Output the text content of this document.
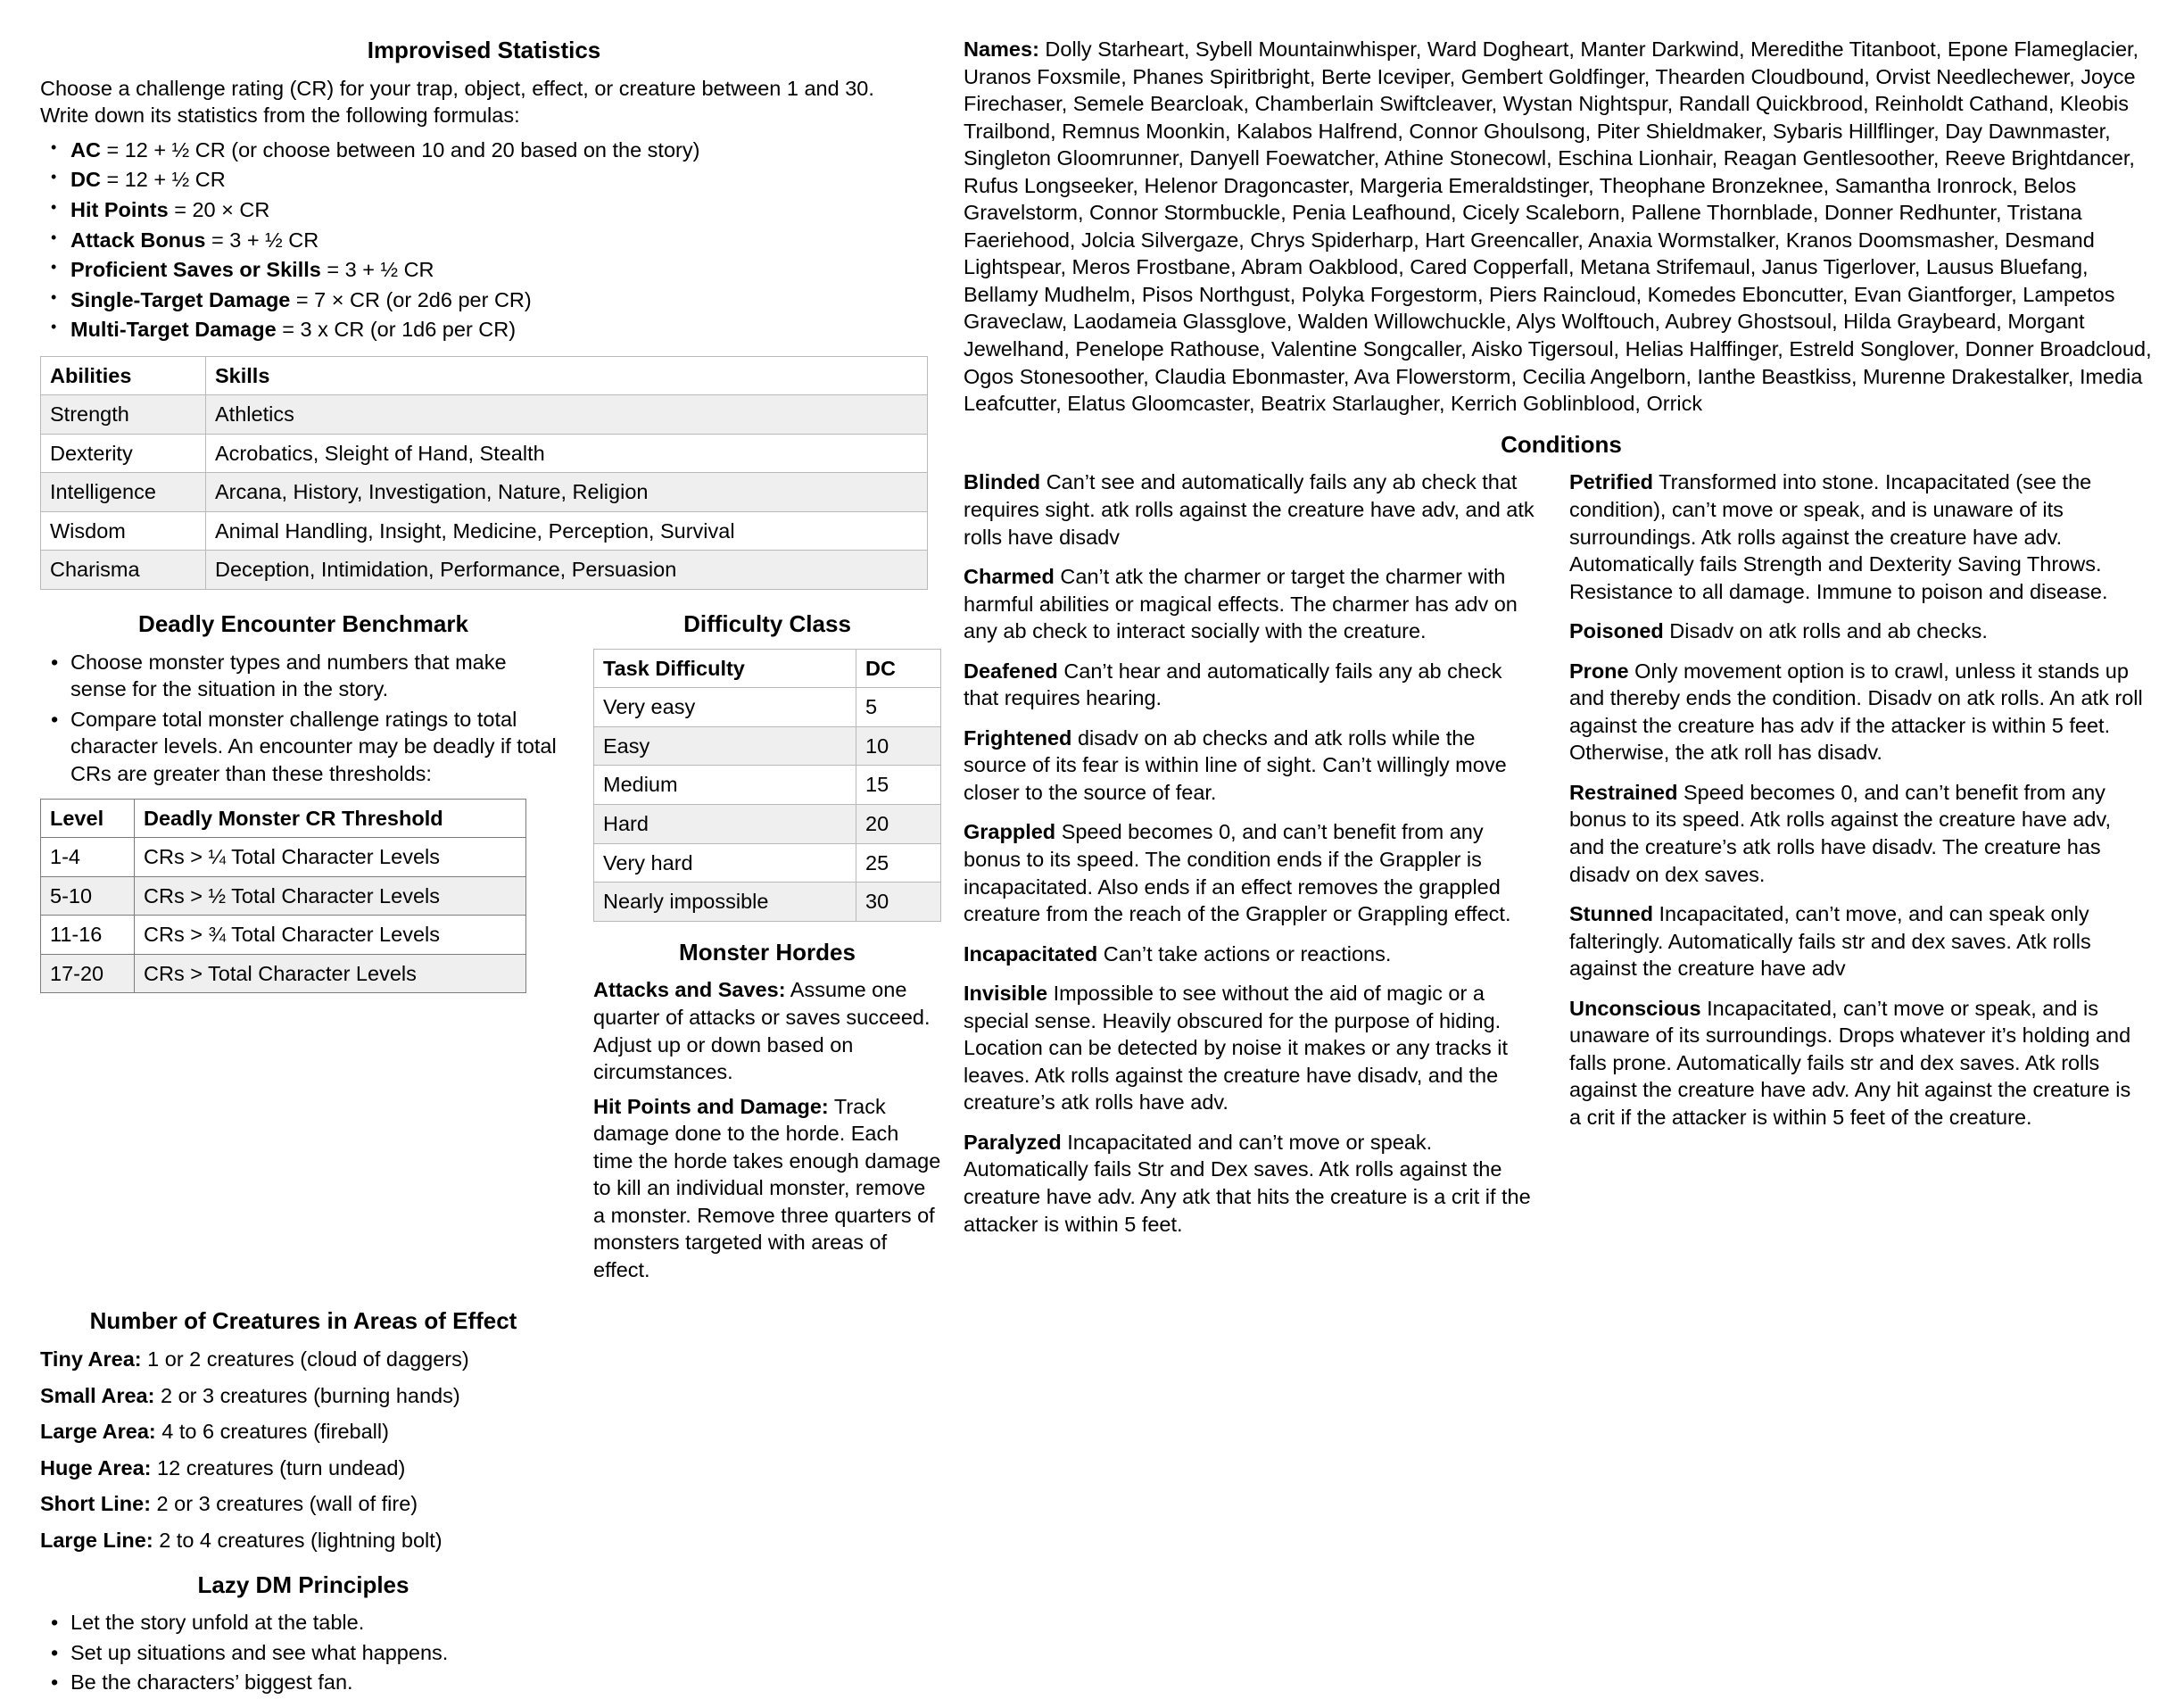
Improvised Statistics

Choose a challenge rating (CR) for your trap, object, effect, or creature between 1 and 30. Write down its statistics from the following formulas:

• AC = 12 + ½ CR (or choose between 10 and 20 based on the story)
• DC = 12 + ½ CR
• Hit Points = 20 × CR
• Attack Bonus = 3 + ½ CR
• Proficient Saves or Skills = 3 + ½ CR
• Single-Target Damage = 7 × CR (or 2d6 per CR)
• Multi-Target Damage = 3 x CR (or 1d6 per CR)
Abilities	Skills
Strength	Athletics
Dexterity	Acrobatics, Sleight of Hand, Stealth
Intelligence	Arcana, History, Investigation, Nature, Religion
Wisdom	Animal Handling, Insight, Medicine, Perception, Survival
Charisma	Deception, Intimidation, Performance, Persuasion
Deadly Encounter Benchmark
• Choose monster types and numbers that make sense for the situation in the story.
• Compare total monster challenge ratings to total character levels. An encounter may be deadly if total CRs are greater than these thresholds:
Level	Deadly Monster CR Threshold
1-4	CRs > ¼ Total Character Levels
5-10	CRs > ½ Total Character Levels
11-16	CRs > ¾ Total Character Levels
17-20	CRs > Total Character Levels
Difficulty Class
Task Difficulty	DC
Very easy	5
Easy	10
Medium	15
Hard	20
Very hard	25
Nearly impossible	30
Monster Hordes

Attacks and Saves: Assume one quarter of attacks or saves succeed. Adjust up or down based on circumstances.

Hit Points and Damage: Track damage done to the horde. Each time the horde takes enough damage to kill an individual monster, remove a monster. Remove three quarters of monsters targeted with areas of effect.

Number of Creatures in Areas of Effect

Tiny Area: 1 or 2 creatures (cloud of daggers)

Small Area: 2 or 3 creatures (burning hands)

Large Area: 4 to 6 creatures (fireball)

Huge Area: 12 creatures (turn undead)

Short Line: 2 or 3 creatures (wall of fire)

Large Line: 2 to 4 creatures (lightning bolt)

Lazy DM Principles
• Let the story unfold at the table.
• Set up situations and see what happens.
• Be the characters’ biggest fan.

Names: Dolly Starheart, Sybell Mountainwhisper, Ward Dogheart, Manter Darkwind, Meredithe Titanboot, Epone Flameglacier, Uranos Foxsmile, Phanes Spiritbright, Berte Iceviper, Gembert Goldfinger, Thearden Cloudbound, Orvist Needlechewer, Joyce Firechaser, Semele Bearcloak, Chamberlain Swiftcleaver, Wystan Nightspur, Randall Quickbrood, Reinholdt Cathand, Kleobis Trailbond, Remnus Moonkin, Kalabos Halfrend, Connor Ghoulsong, Piter Shieldmaker, Sybaris Hillflinger, Day Dawnmaster, Singleton Gloomrunner, Danyell Foewatcher, Athine Stonecowl, Eschina Lionhair, Reagan Gentlesoother, Reeve Brightdancer, Rufus Longseeker, Helenor Dragoncaster, Margeria Emeraldstinger, Theophane Bronzeknee, Samantha Ironrock, Belos Gravelstorm, Connor Stormbuckle, Penia Leafhound, Cicely Scaleborn, Pallene Thornblade, Donner Redhunter, Tristana Faeriehood, Jolcia Silvergaze, Chrys Spiderharp, Hart Greencaller, Anaxia Wormstalker, Kranos Doomsmasher, Desmand Lightspear, Meros Frostbane, Abram Oakblood, Cared Copperfall, Metana Strifemaul, Janus Tigerlover, Lausus Bluefang, Bellamy Mudhelm, Pisos Northgust, Polyka Forgestorm, Piers Raincloud, Komedes Eboncutter, Evan Giantforger, Lampetos Graveclaw, Laodameia Glassglove, Walden Willowchuckle, Alys Wolftouch, Aubrey Ghostsoul, Hilda Graybeard, Morgant Jewelhand, Penelope Rathouse, Valentine Songcaller, Aisko Tigersoul, Helias Halffinger, Estreld Songlover, Donner Broadcloud, Ogos Stonesoother, Claudia Ebonmaster, Ava Flowerstorm, Cecilia Angelborn, Ianthe Beastkiss, Murenne Drakestalker, Imedia Leafcutter, Elatus Gloomcaster, Beatrix Starlaugher, Kerrich Goblinblood, Orrick

Conditions

Blinded Can’t see and automatically fails any ab check that requires sight. atk rolls against the creature have adv, and atk rolls have disadv

Charmed Can’t atk the charmer or target the charmer with harmful abilities or magical effects. The charmer has adv on any ab check to interact socially with the creature.

Deafened Can’t hear and automatically fails any ab check that requires hearing.

Frightened disadv on ab checks and atk rolls while the source of its fear is within line of sight. Can’t willingly move closer to the source of fear.

Grappled Speed becomes 0, and can’t benefit from any bonus to its speed. The condition ends if the Grappler is incapacitated. Also ends if an effect removes the grappled creature from the reach of the Grappler or Grappling effect.

Incapacitated Can’t take actions or reactions.

Invisible Impossible to see without the aid of magic or a special sense. Heavily obscured for the purpose of hiding. Location can be detected by noise it makes or any tracks it leaves. Atk rolls against the creature have disadv, and the creature’s atk rolls have adv.

Paralyzed Incapacitated and can’t move or speak. Automatically fails Str and Dex saves. Atk rolls against the creature have adv. Any atk that hits the creature is a crit if the attacker is within 5 feet.

Petrified Transformed into stone. Incapacitated (see the condition), can’t move or speak, and is unaware of its surroundings. Atk rolls against the creature have adv. Automatically fails Strength and Dexterity Saving Throws. Resistance to all damage. Immune to poison and disease.

Poisoned Disadv on atk rolls and ab checks.

Prone Only movement option is to crawl, unless it stands up and thereby ends the condition. Disadv on atk rolls. An atk roll against the creature has adv if the attacker is within 5 feet. Otherwise, the atk roll has disadv.

Restrained Speed becomes 0, and can’t benefit from any bonus to its speed. Atk rolls against the creature have adv, and the creature’s atk rolls have disadv. The creature has disadv on dex saves.

Stunned Incapacitated, can’t move, and can speak only falteringly. Automatically fails str and dex saves. Atk rolls against the creature have adv

Unconscious Incapacitated, can’t move or speak, and is unaware of its surroundings. Drops whatever it’s holding and falls prone. Automatically fails str and dex saves. Atk rolls against the creature have adv. Any hit against the creature is a crit if the attacker is within 5 feet of the creature.
